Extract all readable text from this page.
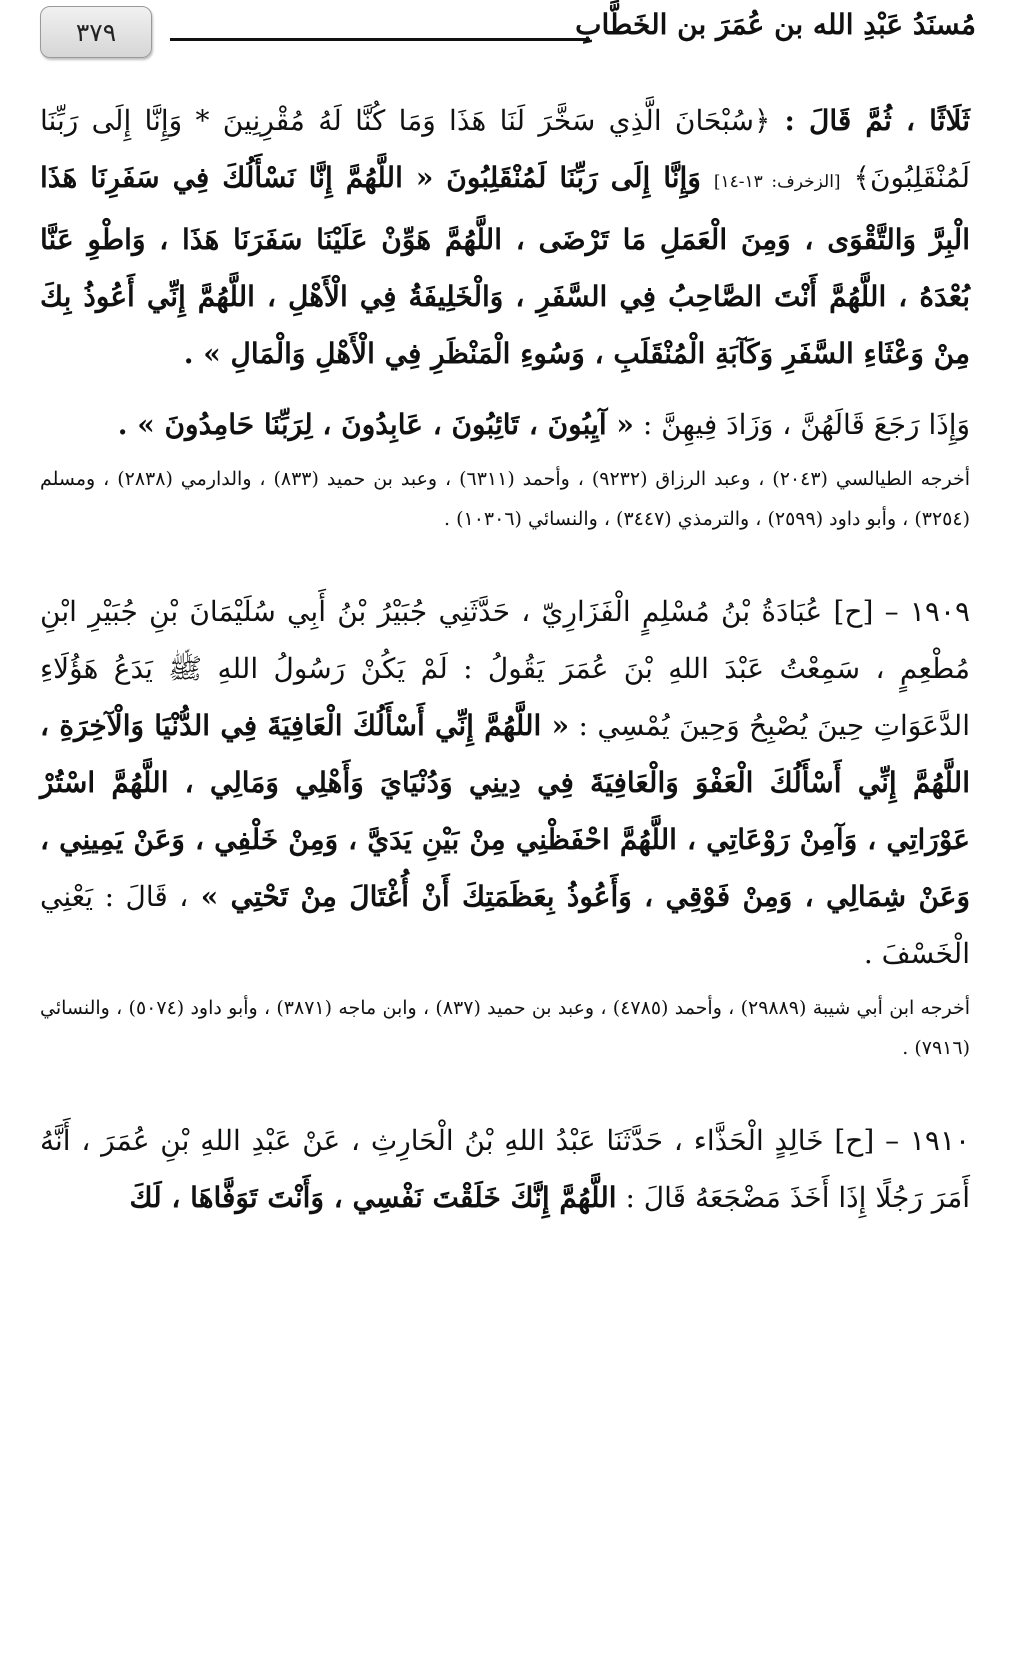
٣٧٩	مُسنَدُ عَبْدِ الله بن عُمَرَ بن الخَطَّابِ

ثَلَاثًا ، ثُمَّ قَالَ : ﴿سُبْحَانَ الَّذِي سَخَّرَ لَنَا هَذَا وَمَا كُنَّا لَهُ مُقْرِنِينَ * وَإِنَّا إِلَى رَبِّنَا لَمُنْقَلِبُونَ﴾ [الزخرف: ١٣-١٤] وَإِنَّا إِلَى رَبِّنَا لَمُنْقَلِبُونَ « اللَّهُمَّ إِنَّا نَسْأَلُكَ فِي سَفَرِنَا هَذَا الْبِرَّ وَالتَّقْوَى ، وَمِنَ الْعَمَلِ مَا تَرْضَى ، اللَّهُمَّ هَوِّنْ عَلَيْنَا سَفَرَنَا هَذَا ، وَاطْوِ عَنَّا بُعْدَهُ ، اللَّهُمَّ أَنْتَ الصَّاحِبُ فِي السَّفَرِ ، وَالْخَلِيفَةُ فِي الْأَهْلِ ، اللَّهُمَّ إِنِّي أَعُوذُ بِكَ مِنْ وَعْثَاءِ السَّفَرِ وَكَآبَةِ الْمُنْقَلَبِ ، وَسُوءِ الْمَنْظَرِ فِي الْأَهْلِ وَالْمَالِ » .

وَإِذَا رَجَعَ قَالَهُنَّ ، وَزَادَ فِيهِنَّ : « آيِبُونَ ، تَائِبُونَ ، عَابِدُونَ ، لِرَبِّنَا حَامِدُونَ » .

أخرجه الطيالسي (٢٠٤٣) ، وعبد الرزاق (٩٢٣٢) ، وأحمد (٦٣١١) ، وعبد بن حميد (٨٣٣) ، والدارمي (٢٨٣٨) ، ومسلم (٣٢٥٤) ، وأبو داود (٢٥٩٩) ، والترمذي (٣٤٤٧) ، والنسائي (١٠٣٠٦) .

١٩٠٩ – [ح] عُبَادَةُ بْنُ مُسْلِمٍ الْفَزَارِيّ ، حَدَّثَنِي جُبَيْرُ بْنُ أَبِي سُلَيْمَانَ بْنِ جُبَيْرِ ابْنِ مُطْعِمٍ ، سَمِعْتُ عَبْدَ اللهِ بْنَ عُمَرَ يَقُولُ : لَمْ يَكُنْ رَسُولُ اللهِ ﷺ يَدَعُ هَؤُلَاءِ الدَّعَوَاتِ حِينَ يُصْبِحُ وَحِينَ يُمْسِي : « اللَّهُمَّ إِنِّي أَسْأَلُكَ الْعَافِيَةَ فِي الدُّنْيَا وَالْآخِرَةِ ، اللَّهُمَّ إِنِّي أَسْأَلُكَ الْعَفْوَ وَالْعَافِيَةَ فِي دِينِي وَدُنْيَايَ وَأَهْلِي وَمَالِي ، اللَّهُمَّ اسْتُرْ عَوْرَاتِي ، وَآمِنْ رَوْعَاتِي ، اللَّهُمَّ احْفَظْنِي مِنْ بَيْنِ يَدَيَّ ، وَمِنْ خَلْفِي ، وَعَنْ يَمِينِي ، وَعَنْ شِمَالِي ، وَمِنْ فَوْقِي ، وَأَعُوذُ بِعَظَمَتِكَ أَنْ أُغْتَالَ مِنْ تَحْتِي » ، قَالَ : يَعْنِي الْخَسْفَ .

أخرجه ابن أبي شيبة (٢٩٨٨٩) ، وأحمد (٤٧٨٥) ، وعبد بن حميد (٨٣٧) ، وابن ماجه (٣٨٧١) ، وأبو داود (٥٠٧٤) ، والنسائي (٧٩١٦) .

١٩١٠ – [ح] خَالِدٍ الْحَذَّاء ، حَدَّثَنَا عَبْدُ اللهِ بْنُ الْحَارِثِ ، عَنْ عَبْدِ اللهِ بْنِ عُمَرَ ، أَنَّهُ أَمَرَ رَجُلًا إِذَا أَخَذَ مَضْجَعَهُ قَالَ : اللَّهُمَّ إِنَّكَ خَلَقْتَ نَفْسِي ، وَأَنْتَ تَوَفَّاهَا ، لَكَ
